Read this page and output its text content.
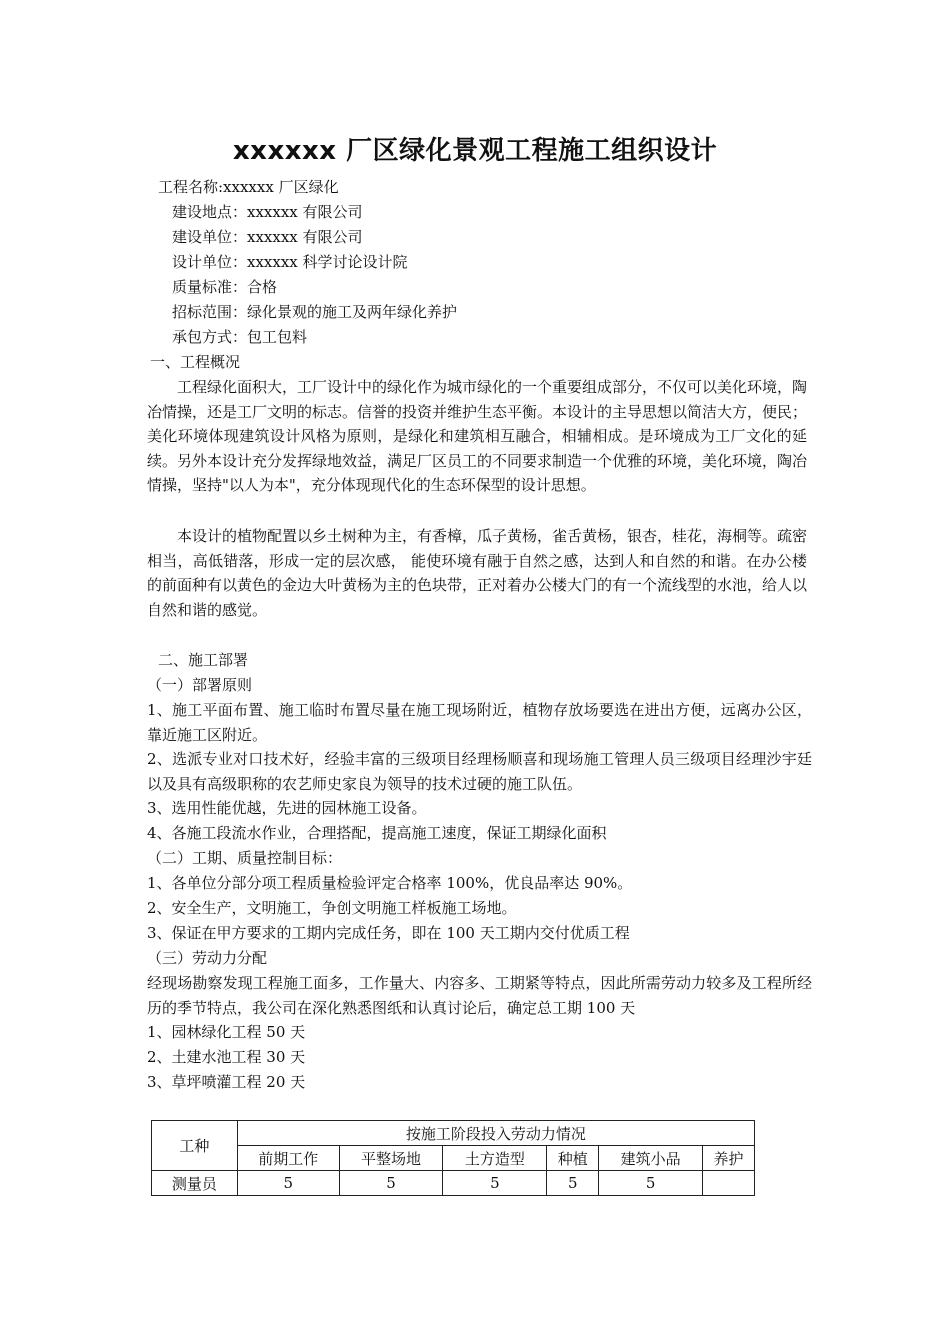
xxxxxx 厂区绿化景观工程施工组织设计
工程名称:xxxxxx 厂区绿化
建设地点：xxxxxx 有限公司
建设单位：xxxxxx 有限公司
设计单位：xxxxxx 科学讨论设计院
质量标准：合格
招标范围：绿化景观的施工及两年绿化养护
承包方式：包工包料
一、工程概况
工程绿化面积大，工厂设计中的绿化作为城市绿化的一个重要组成部分，不仅可以美化环境，陶冶情操，还是工厂文明的标志。信誉的投资并维护生态平衡。本设计的主导思想以简洁大方，便民；美化环境体现建筑设计风格为原则，是绿化和建筑相互融合，相辅相成。是环境成为工厂文化的延续。另外本设计充分发挥绿地效益，满足厂区员工的不同要求制造一个优雅的环境，美化环境，陶冶情操，坚持"以人为本"，充分体现现代化的生态环保型的设计思想。
本设计的植物配置以乡土树种为主，有香樟，瓜子黄杨，雀舌黄杨，银杏，桂花，海桐等。疏密相当，高低错落，形成一定的层次感， 能使环境有融于自然之感，达到人和自然的和谐。在办公楼的前面种有以黄色的金边大叶黄杨为主的色块带，正对着办公楼大门的有一个流线型的水池，给人以自然和谐的感觉。
二、施工部署
（一）部署原则
1、施工平面布置、施工临时布置尽量在施工现场附近，植物存放场要选在进出方便，远离办公区，靠近施工区附近。
2、选派专业对口技术好，经验丰富的三级项目经理杨顺喜和现场施工管理人员三级项目经理沙宇廷以及具有高级职称的农艺师史家良为领导的技术过硬的施工队伍。
3、选用性能优越，先进的园林施工设备。
4、各施工段流水作业，合理搭配，提高施工速度，保证工期绿化面积
（二）工期、质量控制目标：
1、各单位分部分项工程质量检验评定合格率 100%，优良品率达 90%。
2、安全生产，文明施工，争创文明施工样板施工场地。
3、保证在甲方要求的工期内完成任务，即在 100 天工期内交付优质工程
（三）劳动力分配
经现场勘察发现工程施工面多，工作量大、内容多、工期紧等特点，因此所需劳动力较多及工程所经历的季节特点，我公司在深化熟悉图纸和认真讨论后，确定总工期 100 天
1、园林绿化工程 50 天
2、土建水池工程 30 天
3、草坪喷灌工程 20 天
工种	按施工阶段投入劳动力情况					
	前期工作	平整场地	土方造型	种植	建筑小品	养护
测量员	5	5	5	5	5	
